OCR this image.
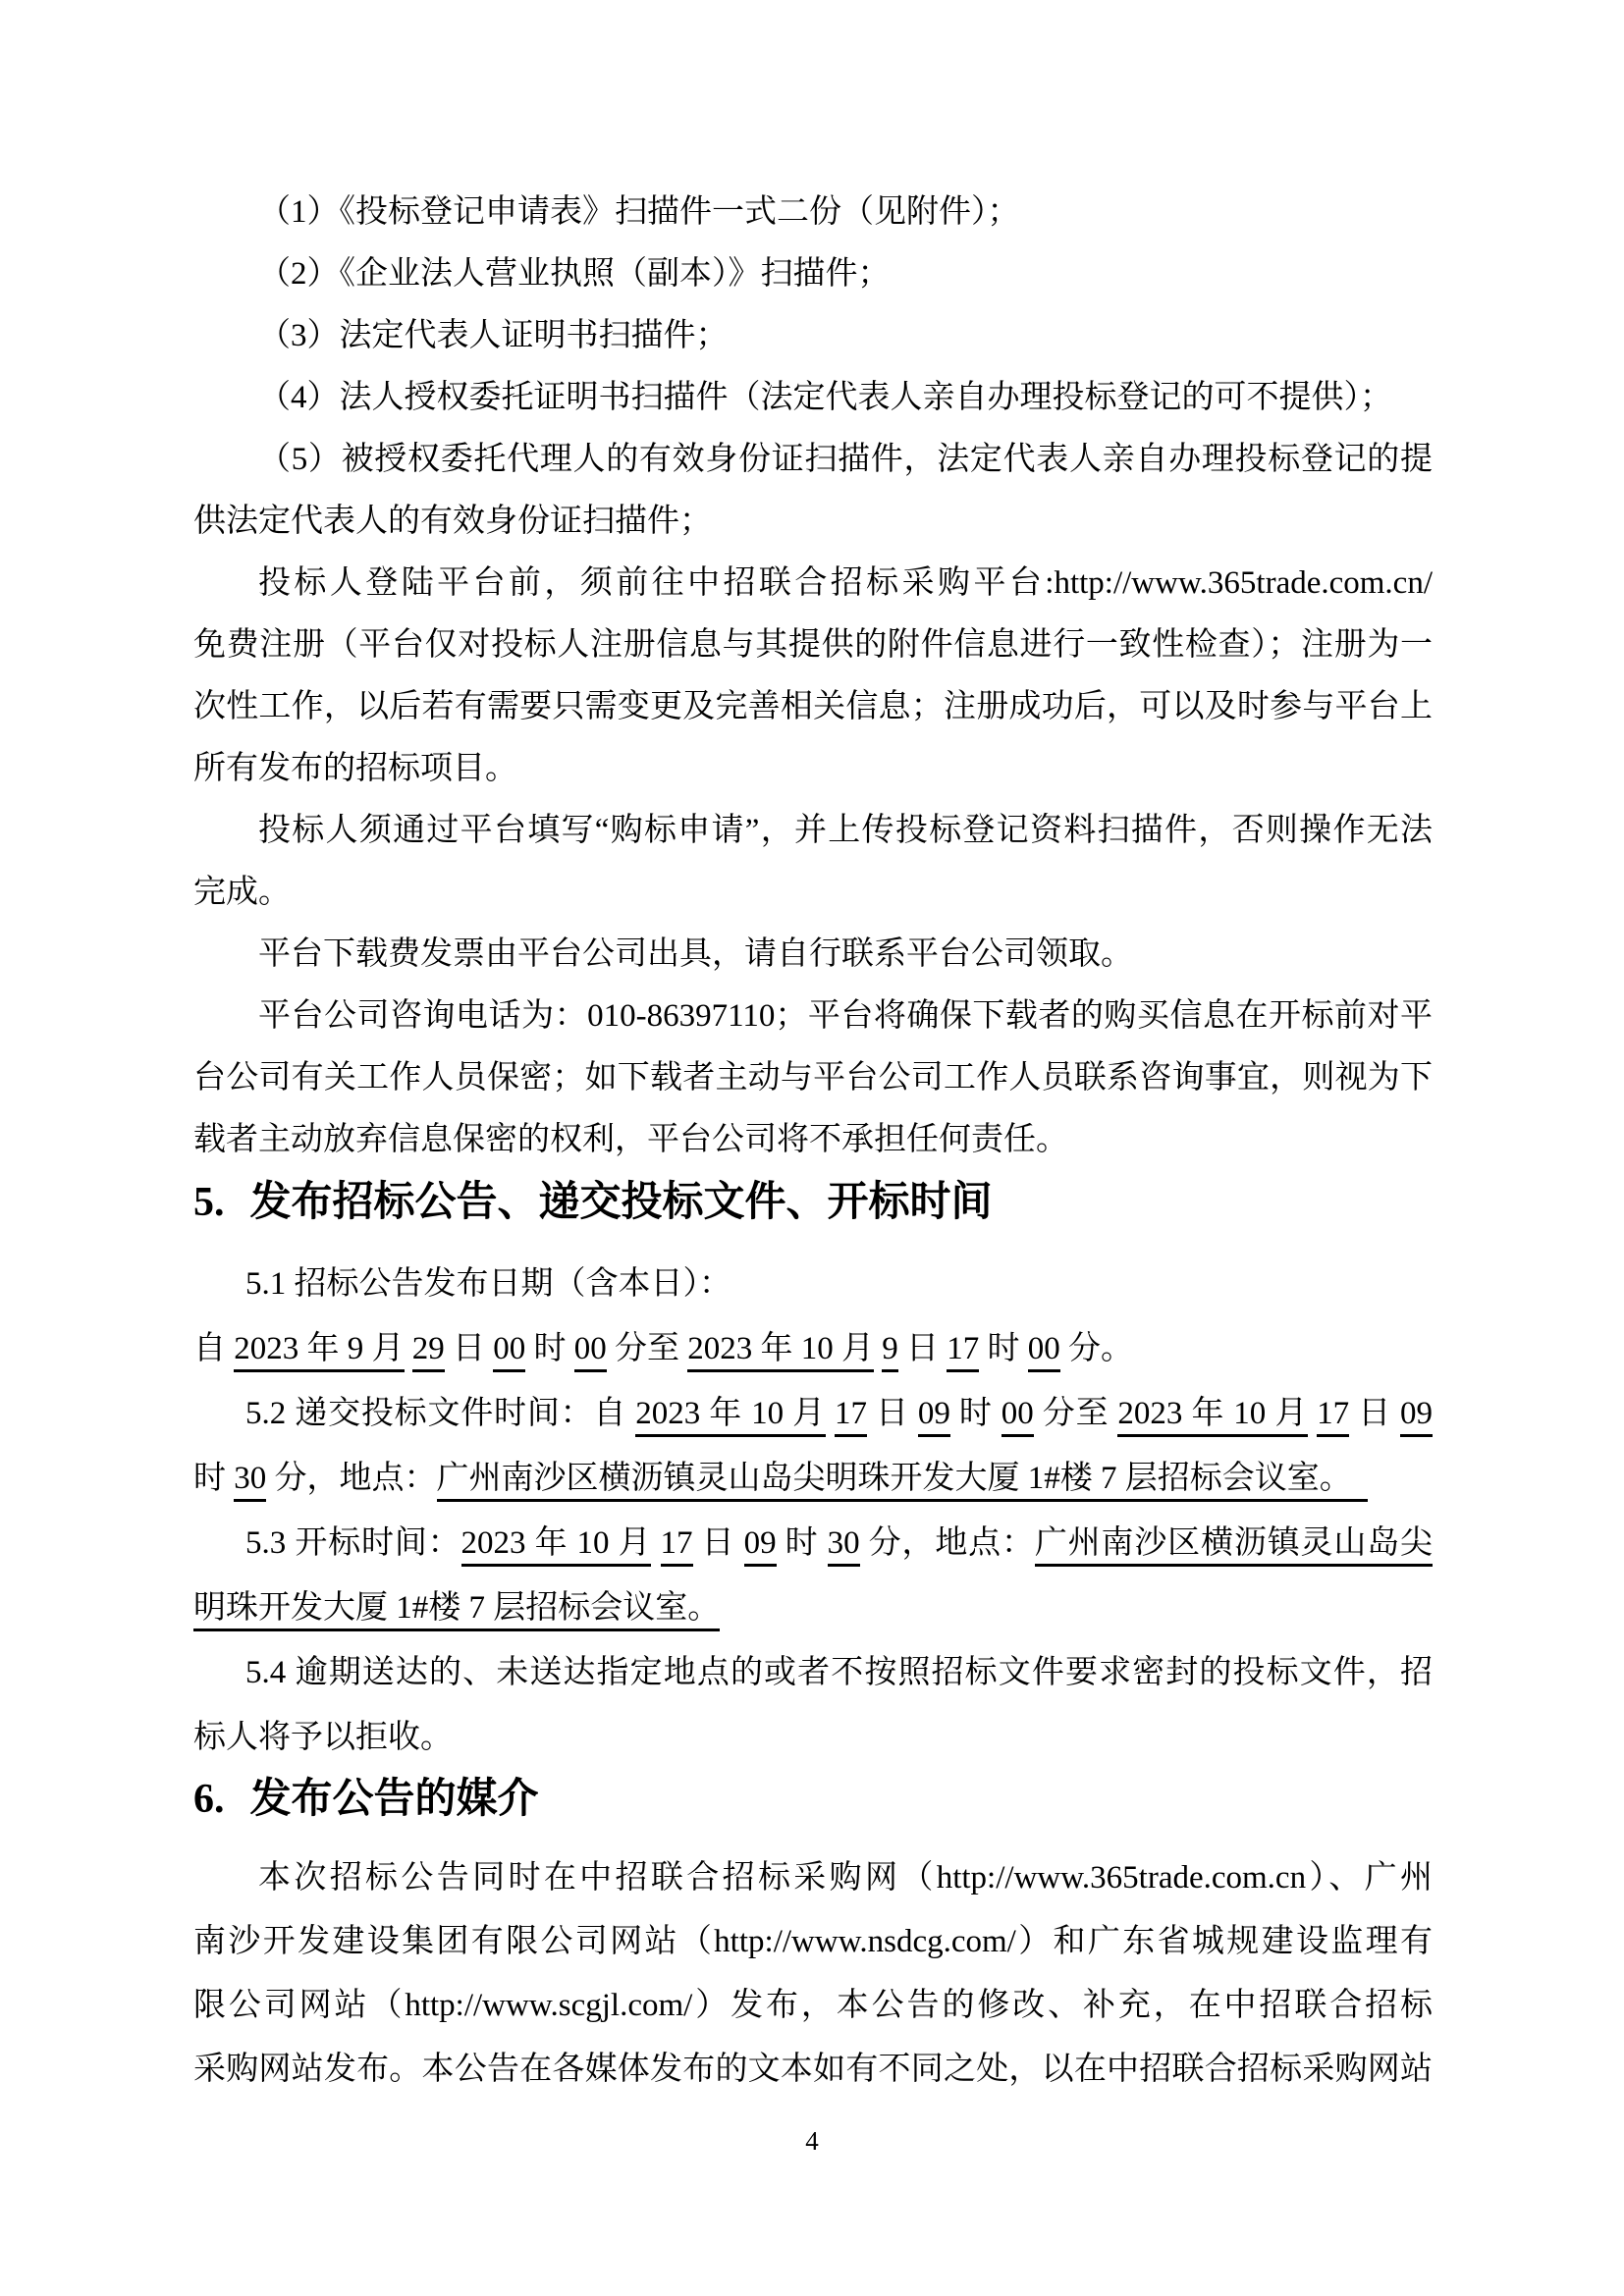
（1）《投标登记申请表》扫描件一式二份（见附件）；
（2）《企业法人营业执照（副本）》扫描件；
（3）法定代表人证明书扫描件；
（4）法人授权委托证明书扫描件（法定代表人亲自办理投标登记的可不提供）；
（5）被授权委托代理人的有效身份证扫描件，法定代表人亲自办理投标登记的提
供法定代表人的有效身份证扫描件；
投标人登陆平台前，须前往中招联合招标采购平台:http://www.365trade.com.cn/
免费注册（平台仅对投标人注册信息与其提供的附件信息进行一致性检查）；注册为一
次性工作，以后若有需要只需变更及完善相关信息；注册成功后，可以及时参与平台上
所有发布的招标项目。
投标人须通过平台填写“购标申请”，并上传投标登记资料扫描件，否则操作无法
完成。
平台下载费发票由平台公司出具，请自行联系平台公司领取。
平台公司咨询电话为：010-86397110；平台将确保下载者的购买信息在开标前对平
台公司有关工作人员保密；如下载者主动与平台公司工作人员联系咨询事宜，则视为下
载者主动放弃信息保密的权利，平台公司将不承担任何责任。
5. 发布招标公告、递交投标文件、开标时间
5.1 招标公告发布日期（含本日）：
自 2023 年 9 月 29 日 00 时 00 分至 2023 年 10 月 9 日 17 时 00 分。
5.2 递交投标文件时间：自 2023 年 10 月 17 日 09 时 00 分至 2023 年 10 月 17 日 09
时 30 分，地点：广州南沙区横沥镇灵山岛尖明珠开发大厦 1#楼 7 层招标会议室。　
5.3 开标时间：2023 年 10 月 17 日 09 时 30 分，地点：广州南沙区横沥镇灵山岛尖
明珠开发大厦 1#楼 7 层招标会议室。
5.4 逾期送达的、未送达指定地点的或者不按照招标文件要求密封的投标文件，招
标人将予以拒收。
6. 发布公告的媒介
本次招标公告同时在中招联合招标采购网（http://www.365trade.com.cn）、广州
南沙开发建设集团有限公司网站（http://www.nsdcg.com/）和广东省城规建设监理有
限公司网站（http://www.scgjl.com/）发布，本公告的修改、补充，在中招联合招标
采购网站发布。本公告在各媒体发布的文本如有不同之处，以在中招联合招标采购网站
4
